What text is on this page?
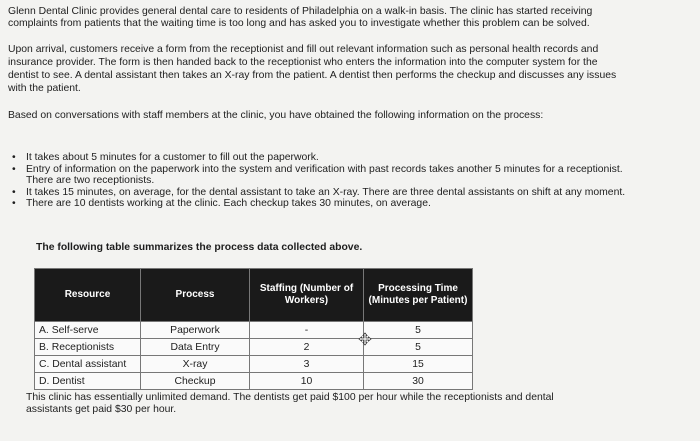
Glenn Dental Clinic provides general dental care to residents of Philadelphia on a walk-in basis. The clinic has started receiving
complaints from patients that the waiting time is too long and has asked you to investigate whether this problem can be solved.
Upon arrival, customers receive a form from the receptionist and fill out relevant information such as personal health records and
insurance provider. The form is then handed back to the receptionist who enters the information into the computer system for the
dentist to see. A dental assistant then takes an X-ray from the patient. A dentist then performs the checkup and discusses any issues
with the patient.
Based on conversations with staff members at the clinic, you have obtained the following information on the process:
• It takes about 5 minutes for a customer to fill out the paperwork.
• Entry of information on the paperwork into the system and verification with past records takes another 5 minutes for a receptionist.
There are two receptionists.
• It takes 15 minutes, on average, for the dental assistant to take an X-ray. There are three dental assistants on shift at any moment.
• There are 10 dentists working at the clinic. Each checkup takes 30 minutes, on average.
The following table summarizes the process data collected above.
Resource	Process	Staffing (Number of Workers)	Processing Time (Minutes per Patient)
A. Self-serve	Paperwork	-	5
B. Receptionists	Data Entry	2	5
C. Dental assistant	X-ray	3	15
D. Dentist	Checkup	10	30
This clinic has essentially unlimited demand. The dentists get paid $100 per hour while the receptionists and dental
assistants get paid $30 per hour.
